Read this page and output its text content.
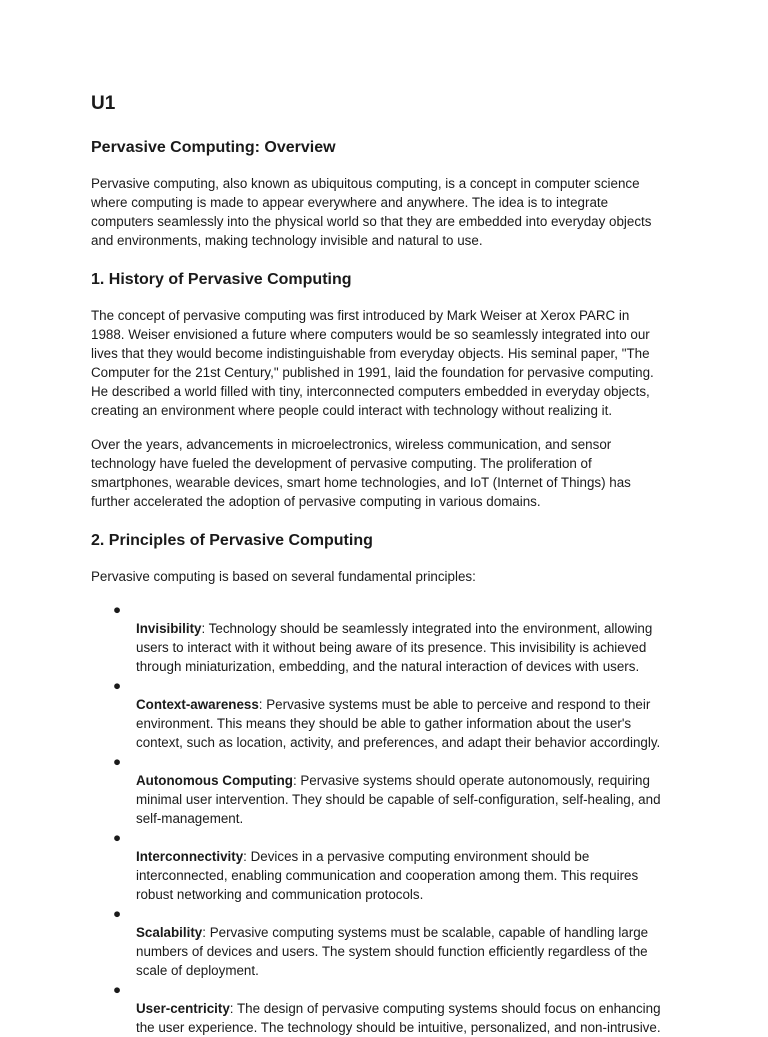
U1
Pervasive Computing: Overview

Pervasive computing, also known as ubiquitous computing, is a concept in computer science
where computing is made to appear everywhere and anywhere. The idea is to integrate
computers seamlessly into the physical world so that they are embedded into everyday objects
and environments, making technology invisible and natural to use.

1. History of Pervasive Computing

The concept of pervasive computing was first introduced by Mark Weiser at Xerox PARC in
1988. Weiser envisioned a future where computers would be so seamlessly integrated into our
lives that they would become indistinguishable from everyday objects. His seminal paper, "The
Computer for the 21st Century," published in 1991, laid the foundation for pervasive computing.
He described a world filled with tiny, interconnected computers embedded in everyday objects,
creating an environment where people could interact with technology without realizing it.

Over the years, advancements in microelectronics, wireless communication, and sensor
technology have fueled the development of pervasive computing. The proliferation of
smartphones, wearable devices, smart home technologies, and IoT (Internet of Things) has
further accelerated the adoption of pervasive computing in various domains.

2. Principles of Pervasive Computing

Pervasive computing is based on several fundamental principles:

●
Invisibility: Technology should be seamlessly integrated into the environment, allowing
users to interact with it without being aware of its presence. This invisibility is achieved
through miniaturization, embedding, and the natural interaction of devices with users.

●
Context-awareness: Pervasive systems must be able to perceive and respond to their
environment. This means they should be able to gather information about the user's
context, such as location, activity, and preferences, and adapt their behavior accordingly.

●
Autonomous Computing: Pervasive systems should operate autonomously, requiring
minimal user intervention. They should be capable of self-configuration, self-healing, and
self-management.

●
Interconnectivity: Devices in a pervasive computing environment should be
interconnected, enabling communication and cooperation among them. This requires
robust networking and communication protocols.

●
Scalability: Pervasive computing systems must be scalable, capable of handling large
numbers of devices and users. The system should function efficiently regardless of the
scale of deployment.

●
User-centricity: The design of pervasive computing systems should focus on enhancing
the user experience. The technology should be intuitive, personalized, and non-intrusive.
